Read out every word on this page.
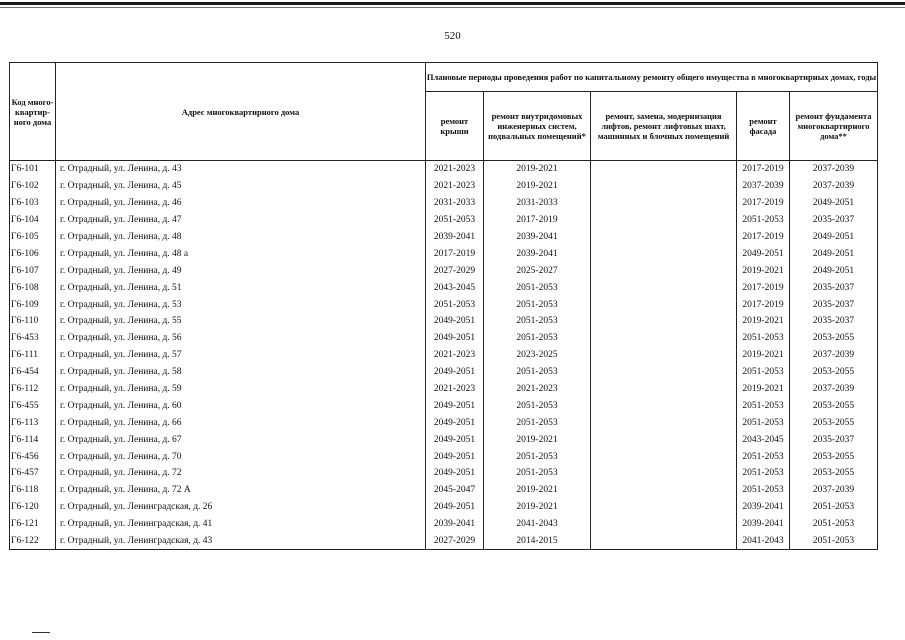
520
Код много-квартир-ного дома	Адрес многоквартирного дома	Плановые периоды проведения работ по капитальному ремонту общего имущества в многоквартирных домах, годы				
		ремонт крыши	ремонт внутридомовых инженерных систем, подвальных помещений*	ремонт, замена, модернизация лифтов, ремонт лифтовых шахт, машинных и блочных помещений	ремонт фасада	ремонт фундамента многоквартирного дома**
Г6-101	г. Отрадный, ул. Ленина, д. 43	2021-2023	2019-2021		2017-2019	2037-2039
Г6-102	г. Отрадный, ул. Ленина, д. 45	2021-2023	2019-2021		2037-2039	2037-2039
Г6-103	г. Отрадный, ул. Ленина, д. 46	2031-2033	2031-2033		2017-2019	2049-2051
Г6-104	г. Отрадный, ул. Ленина, д. 47	2051-2053	2017-2019		2051-2053	2035-2037
Г6-105	г. Отрадный, ул. Ленина, д. 48	2039-2041	2039-2041		2017-2019	2049-2051
Г6-106	г. Отрадный, ул. Ленина, д. 48 а	2017-2019	2039-2041		2049-2051	2049-2051
Г6-107	г. Отрадный, ул. Ленина, д. 49	2027-2029	2025-2027		2019-2021	2049-2051
Г6-108	г. Отрадный, ул. Ленина, д. 51	2043-2045	2051-2053		2017-2019	2035-2037
Г6-109	г. Отрадный, ул. Ленина, д. 53	2051-2053	2051-2053		2017-2019	2035-2037
Г6-110	г. Отрадный, ул. Ленина, д. 55	2049-2051	2051-2053		2019-2021	2035-2037
Г6-453	г. Отрадный, ул. Ленина, д. 56	2049-2051	2051-2053		2051-2053	2053-2055
Г6-111	г. Отрадный, ул. Ленина, д. 57	2021-2023	2023-2025		2019-2021	2037-2039
Г6-454	г. Отрадный, ул. Ленина, д. 58	2049-2051	2051-2053		2051-2053	2053-2055
Г6-112	г. Отрадный, ул. Ленина, д. 59	2021-2023	2021-2023		2019-2021	2037-2039
Г6-455	г. Отрадный, ул. Ленина, д. 60	2049-2051	2051-2053		2051-2053	2053-2055
Г6-113	г. Отрадный, ул. Ленина, д. 66	2049-2051	2051-2053		2051-2053	2053-2055
Г6-114	г. Отрадный, ул. Ленина, д. 67	2049-2051	2019-2021		2043-2045	2035-2037
Г6-456	г. Отрадный, ул. Ленина, д. 70	2049-2051	2051-2053		2051-2053	2053-2055
Г6-457	г. Отрадный, ул. Ленина, д. 72	2049-2051	2051-2053		2051-2053	2053-2055
Г6-118	г. Отрадный, ул. Ленина, д. 72 А	2045-2047	2019-2021		2051-2053	2037-2039
Г6-120	г. Отрадный, ул. Ленинградская, д. 26	2049-2051	2019-2021		2039-2041	2051-2053
Г6-121	г. Отрадный, ул. Ленинградская, д. 41	2039-2041	2041-2043		2039-2041	2051-2053
Г6-122	г. Отрадный, ул. Ленинградская, д. 43	2027-2029	2014-2015		2041-2043	2051-2053
